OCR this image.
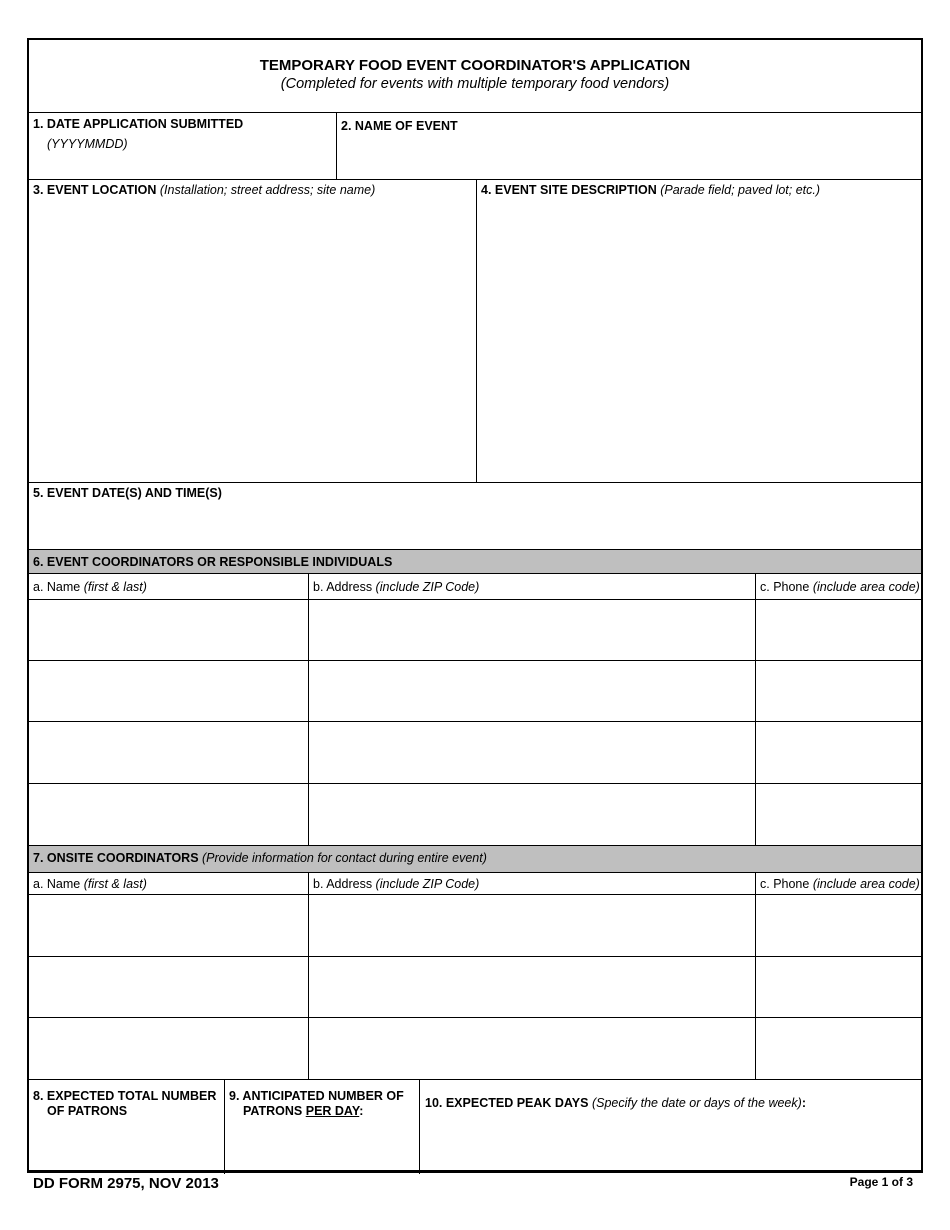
TEMPORARY FOOD EVENT COORDINATOR'S APPLICATION
(Completed for events with multiple temporary food vendors)
1. DATE APPLICATION SUBMITTED
(YYYYMMDD)
2. NAME OF EVENT
3. EVENT LOCATION (Installation; street address; site name)	4. EVENT SITE DESCRIPTION (Parade field; paved lot; etc.)
5. EVENT DATE(S) AND TIME(S)
6. EVENT COORDINATORS OR RESPONSIBLE INDIVIDUALS
a. Name (first & last)	b. Address (include ZIP Code)	c. Phone (include area code)
7. ONSITE COORDINATORS (Provide information for contact during entire event)
a. Name (first & last)	b. Address (include ZIP Code)	c. Phone (include area code)
8. EXPECTED TOTAL NUMBER
OF PATRONS
9. ANTICIPATED NUMBER OF
PATRONS PER DAY:
10. EXPECTED PEAK DAYS (Specify the date or days of the week):
DD FORM 2975, NOV 2013	Page 1 of 3
